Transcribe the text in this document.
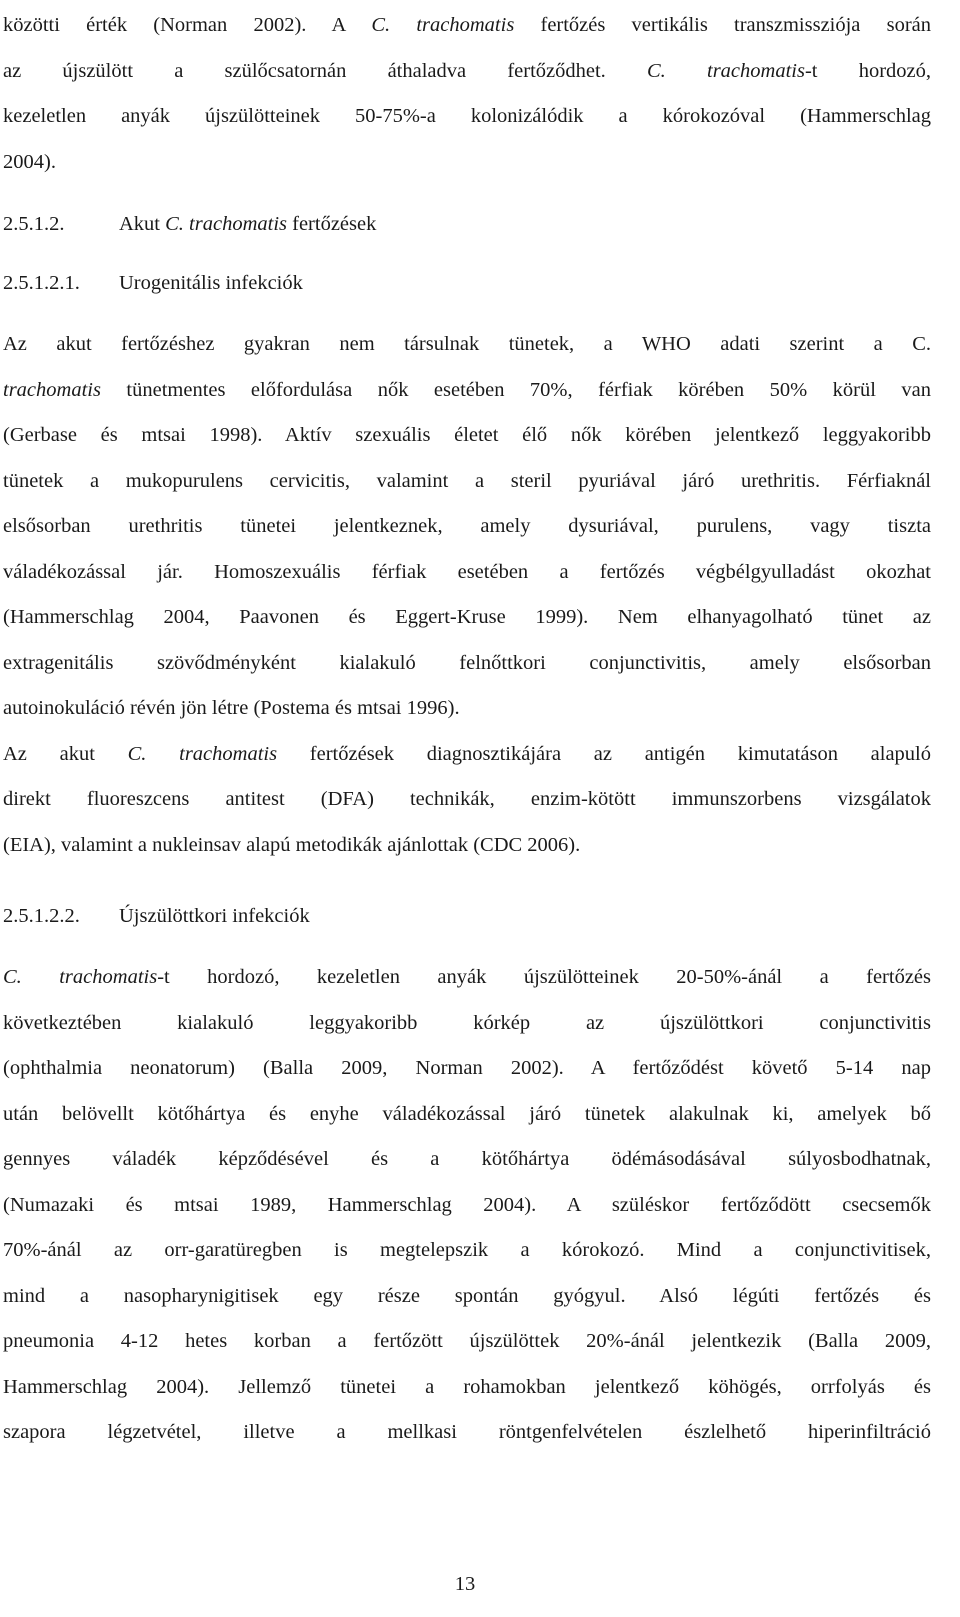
közötti érték (Norman 2002). A C. trachomatis fertőzés vertikális transzmissziója során
az újszülött a szülőcsatornán áthaladva fertőződhet. C. trachomatis-t hordozó,
kezeletlen anyák újszülötteinek 50-75%-a kolonizálódik a kórokozóval (Hammerschlag
2004).
2.5.1.2.	Akut C. trachomatis fertőzések
2.5.1.2.1. Urogenitális infekciók
Az akut fertőzéshez gyakran nem társulnak tünetek, a WHO adati szerint a C.
trachomatis tünetmentes előfordulása nők esetében 70%, férfiak körében 50% körül van
(Gerbase és mtsai 1998). Aktív szexuális életet élő nők körében jelentkező leggyakoribb
tünetek a mukopurulens cervicitis, valamint a steril pyuriával járó urethritis. Férfiaknál
elsősorban urethritis tünetei jelentkeznek, amely dysuriával, purulens, vagy tiszta
váladékozással jár. Homoszexuális férfiak esetében a fertőzés végbélgyulladást okozhat
(Hammerschlag 2004, Paavonen és Eggert-Kruse 1999). Nem elhanyagolható tünet az
extragenitális szövődményként kialakuló felnőttkori conjunctivitis, amely elsősorban
autoinokuláció révén jön létre (Postema és mtsai 1996).
Az akut C. trachomatis fertőzések diagnosztikájára az antigén kimutatáson alapuló
direkt fluoreszcens antitest (DFA) technikák, enzim-kötött immunszorbens vizsgálatok
(EIA), valamint a nukleinsav alapú metodikák ajánlottak (CDC 2006).
2.5.1.2.2. Újszülöttkori infekciók
C. trachomatis-t hordozó, kezeletlen anyák újszülötteinek 20-50%-ánál a fertőzés
következtében kialakuló leggyakoribb kórkép az újszülöttkori conjunctivitis
(ophthalmia neonatorum) (Balla 2009, Norman 2002). A fertőződést követő 5-14 nap
után belövellt kötőhártya és enyhe váladékozással járó tünetek alakulnak ki, amelyek bő
gennyes váladék képződésével és a kötőhártya ödémásodásával súlyosbodhatnak,
(Numazaki és mtsai 1989, Hammerschlag 2004). A szüléskor fertőződött csecsemők
70%-ánál az orr-garatüregben is megtelepszik a kórokozó. Mind a conjunctivitisek,
mind a nasopharynigitisek egy része spontán gyógyul. Alsó légúti fertőzés és
pneumonia 4-12 hetes korban a fertőzött újszülöttek 20%-ánál jelentkezik (Balla 2009,
Hammerschlag 2004). Jellemző tünetei a rohamokban jelentkező köhögés, orrfolyás és
szapora légzetvétel, illetve a mellkasi röntgenfelvételen észlelhető hiperinfiltráció
13
